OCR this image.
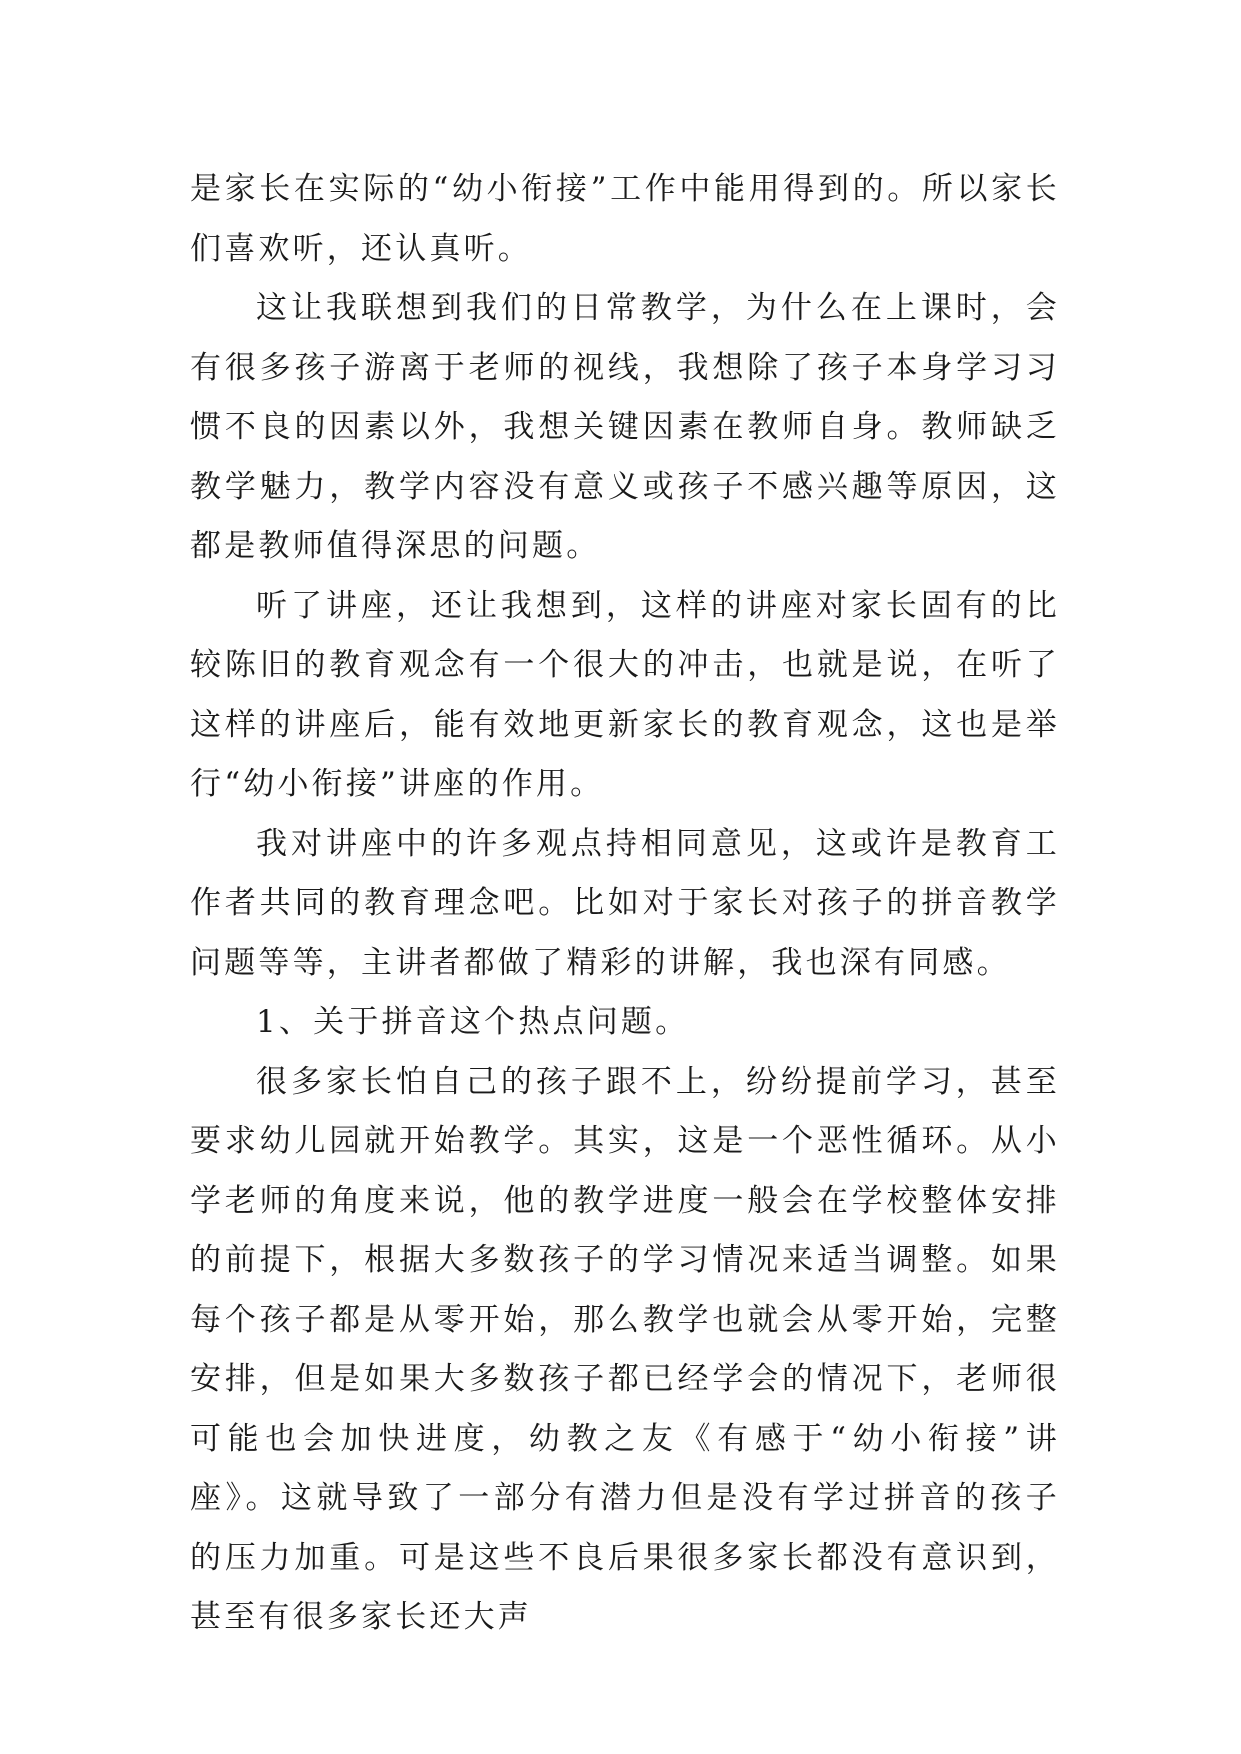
是家长在实际的“幼小衔接”工作中能用得到的。所以家长们喜欢听，还认真听。

这让我联想到我们的日常教学，为什么在上课时，会有很多孩子游离于老师的视线，我想除了孩子本身学习习惯不良的因素以外，我想关键因素在教师自身。教师缺乏教学魅力，教学内容没有意义或孩子不感兴趣等原因，这都是教师值得深思的问题。

听了讲座，还让我想到，这样的讲座对家长固有的比较陈旧的教育观念有一个很大的冲击，也就是说，在听了这样的讲座后，能有效地更新家长的教育观念，这也是举行“幼小衔接”讲座的作用。

我对讲座中的许多观点持相同意见，这或许是教育工作者共同的教育理念吧。比如对于家长对孩子的拼音教学问题等等，主讲者都做了精彩的讲解，我也深有同感。

1、关于拼音这个热点问题。

很多家长怕自己的孩子跟不上，纷纷提前学习，甚至要求幼儿园就开始教学。其实，这是一个恶性循环。从小学老师的角度来说，他的教学进度一般会在学校整体安排的前提下，根据大多数孩子的学习情况来适当调整。如果每个孩子都是从零开始，那么教学也就会从零开始，完整安排，但是如果大多数孩子都已经学会的情况下，老师很可能也会加快进度，幼教之友《有感于“幼小衔接”讲座》。这就导致了一部分有潜力但是没有学过拼音的孩子的压力加重。可是这些不良后果很多家长都没有意识到，甚至有很多家长还大声
